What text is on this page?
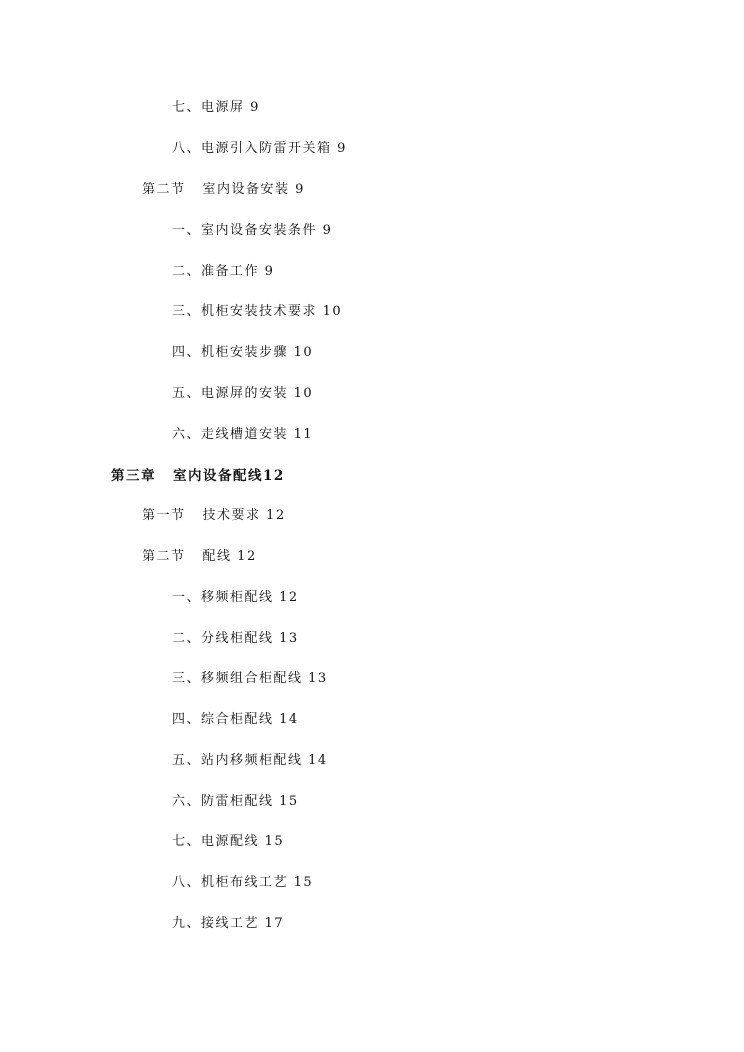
七、电源屏 9
八、电源引入防雷开关箱 9
第二节 室内设备安装 9
一、室内设备安装条件 9
二、准备工作 9
三、机柜安装技术要求 10
四、机柜安装步骤 10
五、电源屏的安装 10
六、走线槽道安装 11
第三章 室内设备配线12
第一节 技术要求 12
第二节 配线 12
一、移频柜配线 12
二、分线柜配线 13
三、移频组合柜配线 13
四、综合柜配线 14
五、站内移频柜配线 14
六、防雷柜配线 15
七、电源配线 15
八、机柜布线工艺 15
九、接线工艺 17
